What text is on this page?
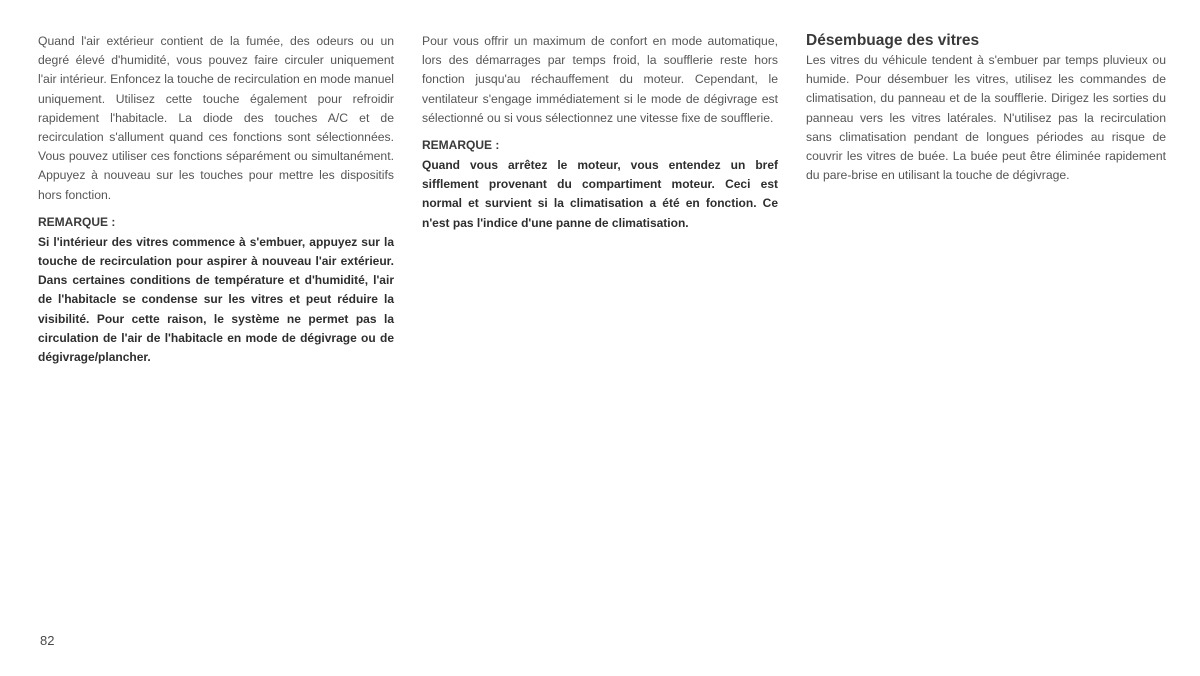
Quand l'air extérieur contient de la fumée, des odeurs ou un degré élevé d'humidité, vous pouvez faire circuler uniquement l'air intérieur. Enfoncez la touche de recirculation en mode manuel uniquement. Utilisez cette touche également pour refroidir rapidement l'habitacle. La diode des touches A/C et de recirculation s'allument quand ces fonctions sont sélectionnées. Vous pouvez utiliser ces fonctions séparément ou simultanément. Appuyez à nouveau sur les touches pour mettre les dispositifs hors fonction.

REMARQUE :

Si l'intérieur des vitres commence à s'embuer, appuyez sur la touche de recirculation pour aspirer à nouveau l'air extérieur. Dans certaines conditions de température et d'humidité, l'air de l'habitacle se condense sur les vitres et peut réduire la visibilité. Pour cette raison, le système ne permet pas la circulation de l'air de l'habitacle en mode de dégivrage ou de dégivrage/plancher.

Pour vous offrir un maximum de confort en mode automatique, lors des démarrages par temps froid, la soufflerie reste hors fonction jusqu'au réchauffement du moteur. Cependant, le ventilateur s'engage immédiatement si le mode de dégivrage est sélectionné ou si vous sélectionnez une vitesse fixe de soufflerie.

REMARQUE :

Quand vous arrêtez le moteur, vous entendez un bref sifflement provenant du compartiment moteur. Ceci est normal et survient si la climatisation a été en fonction. Ce n'est pas l'indice d'une panne de climatisation.

Désembuage des vitres

Les vitres du véhicule tendent à s'embuer par temps pluvieux ou humide. Pour désembuer les vitres, utilisez les commandes de climatisation, du panneau et de la soufflerie. Dirigez les sorties du panneau vers les vitres latérales. N'utilisez pas la recirculation sans climatisation pendant de longues périodes au risque de couvrir les vitres de buée. La buée peut être éliminée rapidement du pare-brise en utilisant la touche de dégivrage.

82
